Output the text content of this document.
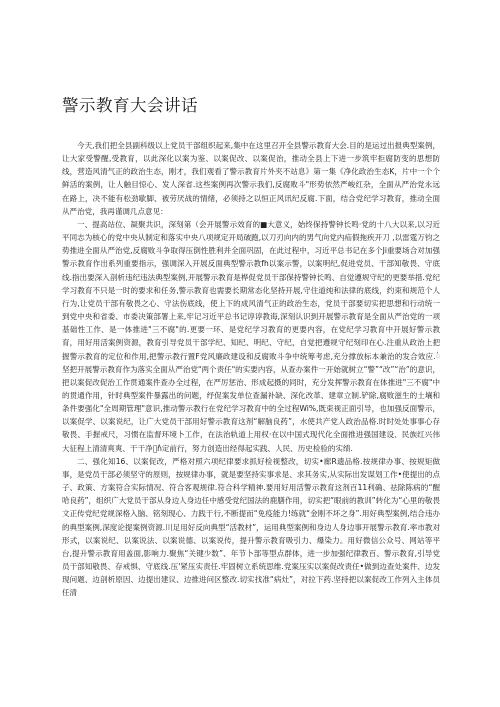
警示教育大会讲话

今天,我们把全县副科级以上党员干部组织起来,集中在这里召开全县警示教育大会.目的是运过出报典型案例，让大家受警醒,受教育，以此深化以案为鉴、以案促改、以案促治，推动全县上下进一步筑牢拒腐防变的思想防线，营造风清气正的政治生态，刚才，我们观看了警示教育片外夹不站息》第一集《净化政治生态K，片中一个个鲜活的案例，让人触目惊心、发人深省.这些案例再次警示我们,反腐败斗"形势依然严峻红杂，全面从严治党永远在路上，决不能有松劲歇脚、被劳厌战的情绪，必须持之以恒正风讯纪反腐.下面，结合党纪学习教育，推动全面从严治党，我再谨调几点意见：

一、提高站位、凝聚共识，深刻第（会开展警示效育的■大意义，始终保持警钟长鸣·党的十八大以来,以习近平同志为核心的党中央从制定和落实中央八项规定开局破跑,以刀刃向内的男气向党内疝假拖疾开刀 ,以雷霆万钧之势推进全面从严治党,反腐败斗争取得压倒性胜利并全面巩固，在此过程中，习近平总书记在多个Ji重要场合对加强警示教育作出系列重要指示，强调深入开展反面典型警示教fh以案示警，以案明纪,促进党员、干部知敬畏、守底线.指出要深入剖析违纪违法典型案例,开展警示教育是桦促党员干部保持警钟长鸣、自觉遵规守纪的更要举措.党纪学习教育不只是一时的要求和任务,警示教育也需要长期常态化坚持开展,守住道纯和法律的底线，约束和规范个人行为,让党员干部有敬畏之心、守法伤底线，使上下的成风清气正的政治生态，党员干部要切实把思想和行动统一到党中央和省委、市委决策部署上来,牢记习近平总书记谆谆教诲,深刻认识到开展警示教育是全面从严治党的一项基础性工作、是一体推进"三不腐"的.更要一环、是党纪学习教育的更要内容，在党纪学习教育中开展好警示教育，用好用活案例资源，教育引导党员干部学纪、知纪、明纪、守纪，自觉把遵规守纪刻印在心.注重从政治上把握警示教育的定位和作用,把警示教行置F党风廉政建设和反腐败斗争中统筹考虑,充分撑放标本兼治的发合效应.់坚把开展警示教育作为落实全面从严治党"两个责任"的实要内容，从查办案件一开始就树立“警”“改”“治”的意识，把以案促改促治工作贯通案件查办全过程，在严厉惩治、形成起摄的同时，充分发挥警示教育在体推进"三不腐"中的贯通作用，针时典型案件暴露出的问题，纾促案发单位查漏补缺、深化改革、建章立制.铲除,腐败滋生的土壤和条件要强化"全周期管理"意识,推动警示教行在党纪学习教育中的全过程Wi%,既束视正面引导，也加强反面警示，以案促学、以案说纪，让广大党员干部用好警示教育这剂“解脑良药”，水使共产党人政治品格.时时处处事事心存敬畏、手握戒尺，习惯在监督环境卜工作，在法治轨道上用权·在以中国式现代化全面推进强国建设、民族红兴伟大征程上清清爽爽、干干净净ٌn定前行，努力创造出经得起实践、人民、历史检验的实绩.

二、强化知16、以案促改，严格对照六项纪律要求抓好检视整改，切实•廊R遗品格.按规律办事、按规矩做事，是党员干部必须坚守的原则，按规律办事，就是要坚持实事求是、求其务实,从实际出发谋划工作•使提出的点子、政策、方案符合实际情况、符合客观规律.符合科学精神.要用好用活警示教育这剂百11利确、祛除陈病的“醒哈良药”，组织广大党员干部从身边人身边任中感受党纪国法的鹿膳作用，切实把“眼前的教训”转化为“心里的敬畏文正传党纪党规深格入脑、铭刻现心、力践于行,不断提而“免疫能力!练就“金刚不坏之身”.用好典型案例,结合违办的典型案例,深度论提案例资源.川足用好反向典型“活教材”，运用典型案例和身边人身边事开展警示教育.率市教对形式，以案说纪、以案说法、以案说德、以案说传，提升警示教育吸引力、爆染力。用好微信公众号、网站等平台,提升警示教育用盖面,影响力.聚焦“关键少数”、年节卜部等型点群体，进一步加强纪律教百、警示教育,引导党员干部知敬畏、存戒惧、守底线.压'紧压实责任.牢固树立系统思维.党案压实以案促改责任•做到边查处案件、边发现问题、边剖析原因、边提出建议、边推进问区整改.切实找准“病灶”，对拉下药.坚持把以案促改工作列入主体员任清
